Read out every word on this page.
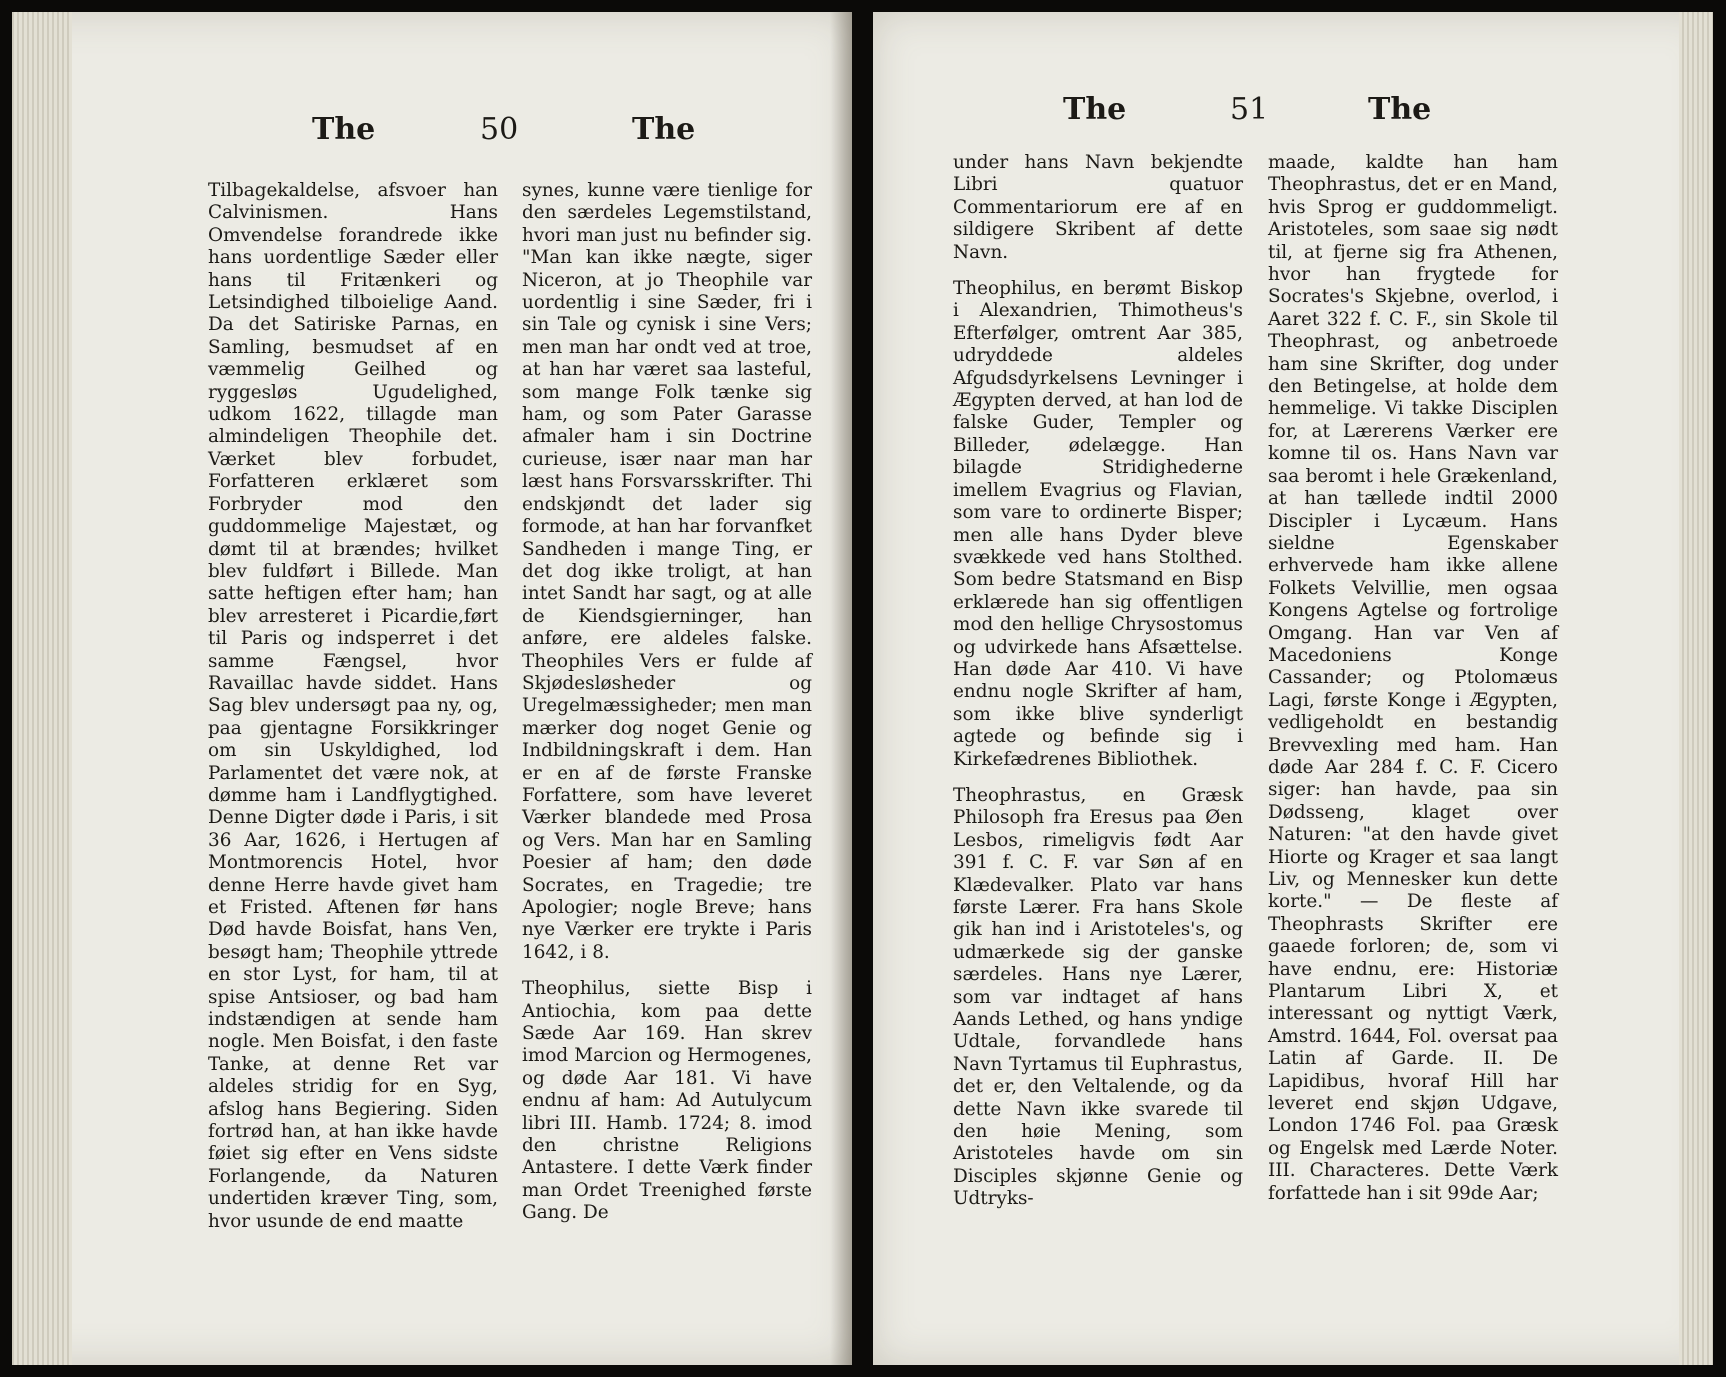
The	50	The

Tilbagekaldelse, afsvoer han Calvinismen. Hans Omvendelse forandrede ikke hans uordentlige Sæder eller hans til Fritænkeri og Letsindighed tilboielige Aand. Da det Satiriske Parnas, en Samling, besmudset af en væmmelig Geilhed og ryggesløs Ugudelighed, udkom 1622, tillagde man almindeligen Theophile det. Værket blev forbudet, Forfatteren erklæret som Forbryder mod den guddommelige Majestæt, og dømt til at brændes; hvilket blev fuldført i Billede. Man satte heftigen efter ham; han blev arresteret i Picardie,ført til Paris og indsperret i det samme Fængsel, hvor Ravaillac havde siddet. Hans Sag blev undersøgt paa ny, og, paa gjentagne Forsikkringer om sin Uskyldighed, lod Parlamentet det være nok, at dømme ham i Landflygtighed. Denne Digter døde i Paris, i sit 36 Aar, 1626, i Hertugen af Montmorencis Hotel, hvor denne Herre havde givet ham et Fristed. Aftenen før hans Død havde Boisfat, hans Ven, besøgt ham; Theophile yttrede en stor Lyst, for ham, til at spise Antsioser, og bad ham indstændigen at sende ham nogle. Men Boisfat, i den faste Tanke, at denne Ret var aldeles stridig for en Syg, afslog hans Begiering. Siden fortrød han, at han ikke havde føiet sig efter en Vens sidste Forlangende, da Naturen undertiden kræver Ting, som, hvor usunde de end maatte

synes, kunne være tienlige for den særdeles Legemstilstand, hvori man just nu befinder sig. "Man kan ikke nægte, siger Niceron, at jo Theophile var uordentlig i sine Sæder, fri i sin Tale og cynisk i sine Vers; men man har ondt ved at troe, at han har været saa lasteful, som mange Folk tænke sig ham, og som Pater Garasse afmaler ham i sin Doctrine curieuse, især naar man har læst hans Forsvarsskrifter. Thi endskjøndt det lader sig formode, at han har forvanfket Sandheden i mange Ting, er det dog ikke troligt, at han intet Sandt har sagt, og at alle de Kiendsgierninger, han anføre, ere aldeles falske. Theophiles Vers er fulde af Skjødesløsheder og Uregelmæssigheder; men man mærker dog noget Genie og Indbildningskraft i dem. Han er en af de første Franske Forfattere, som have leveret Værker blandede med Prosa og Vers. Man har en Samling Poesier af ham; den døde Socrates, en Tragedie; tre Apologier; nogle Breve; hans nye Værker ere trykte i Paris 1642, i 8.

Theophilus, siette Bisp i Antiochia, kom paa dette Sæde Aar 169. Han skrev imod Marcion og Hermogenes, og døde Aar 181. Vi have endnu af ham: Ad Autulycum libri III. Hamb. 1724; 8. imod den christne Religions Antastere. I dette Værk finder man Ordet Treenighed første Gang. De

The	51	The

under hans Navn bekjendte Libri quatuor Commentariorum ere af en sildigere Skribent af dette Navn.

Theophilus, en berømt Biskop i Alexandrien, Thimotheus's Efterfølger, omtrent Aar 385, udryddede aldeles Afgudsdyrkelsens Levninger i Ægypten derved, at han lod de falske Guder, Templer og Billeder, ødelægge. Han bilagde Stridighederne imellem Evagrius og Flavian, som vare to ordinerte Bisper; men alle hans Dyder bleve svækkede ved hans Stolthed. Som bedre Statsmand en Bisp erklærede han sig offentligen mod den hellige Chrysostomus og udvirkede hans Afsættelse. Han døde Aar 410. Vi have endnu nogle Skrifter af ham, som ikke blive synderligt agtede og befinde sig i Kirkefædrenes Bibliothek.

Theophrastus, en Græsk Philosoph fra Eresus paa Øen Lesbos, rimeligvis født Aar 391 f. C. F. var Søn af en Klædevalker. Plato var hans første Lærer. Fra hans Skole gik han ind i Aristoteles's, og udmærkede sig der ganske særdeles. Hans nye Lærer, som var indtaget af hans Aands Lethed, og hans yndige Udtale, forvandlede hans Navn Tyrtamus til Euphrastus, det er, den Veltalende, og da dette Navn ikke svarede til den høie Mening, som Aristoteles havde om sin Disciples skjønne Genie og Udtryks-

maade, kaldte han ham Theophrastus, det er en Mand, hvis Sprog er guddommeligt. Aristoteles, som saae sig nødt til, at fjerne sig fra Athenen, hvor han frygtede for Socrates's Skjebne, overlod, i Aaret 322 f. C. F., sin Skole til Theophrast, og anbetroede ham sine Skrifter, dog under den Betingelse, at holde dem hemmelige. Vi takke Disciplen for, at Lærerens Værker ere komne til os. Hans Navn var saa beromt i hele Grækenland, at han tællede indtil 2000 Discipler i Lycæum. Hans sieldne Egenskaber erhvervede ham ikke allene Folkets Velvillie, men ogsaa Kongens Agtelse og fortrolige Omgang. Han var Ven af Macedoniens Konge Cassander; og Ptolomæus Lagi, første Konge i Ægypten, vedligeholdt en bestandig Brevvexling med ham. Han døde Aar 284 f. C. F. Cicero siger: han havde, paa sin Dødsseng, klaget over Naturen: "at den havde givet Hiorte og Krager et saa langt Liv, og Mennesker kun dette korte." — De fleste af Theophrasts Skrifter ere gaaede forloren; de, som vi have endnu, ere: Historiæ Plantarum Libri X, et interessant og nyttigt Værk, Amstrd. 1644, Fol. oversat paa Latin af Garde. II. De Lapidibus, hvoraf Hill har leveret end skjøn Udgave, London 1746 Fol. paa Græsk og Engelsk med Lærde Noter. III. Characteres. Dette Værk forfattede han i sit 99de Aar;
